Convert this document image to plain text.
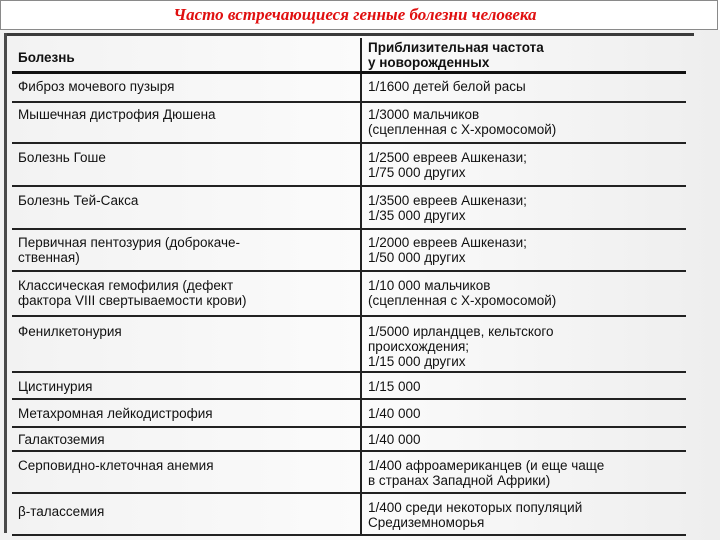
Часто встречающиеся генные болезни человека
Болезнь	Приблизительная частота
у новорожденных

Фиброз мочевого пузыря	1/1600 детей белой расы

Мышечная дистрофия Дюшена	1/3000 мальчиков
(сцепленная с Х-хромосомой)

Болезнь Гоше	1/2500 евреев Ашкенази;
1/75 000 других

Болезнь Тей-Сакса	1/3500 евреев Ашкенази;
1/35 000 других

Первичная пентозурия (доброкаче-
ственная)	1/2000 евреев Ашкенази;
1/50 000 других

Классическая гемофилия (дефект
фактора VIII свертываемости крови)	1/10 000 мальчиков
(сцепленная с Х-хромосомой)

Фенилкетонурия	1/5000 ирландцев, кельтского
происхождения;
1/15 000 других

Цистинурия	1/15 000

Метахромная лейкодистрофия	1/40 000

Галактоземия	1/40 000

Серповидно-клеточная анемия	1/400 афроамериканцев (и еще чаще
в странах Западной Африки)

β-талассемия	1/400 среди некоторых популяций
Средиземноморья
